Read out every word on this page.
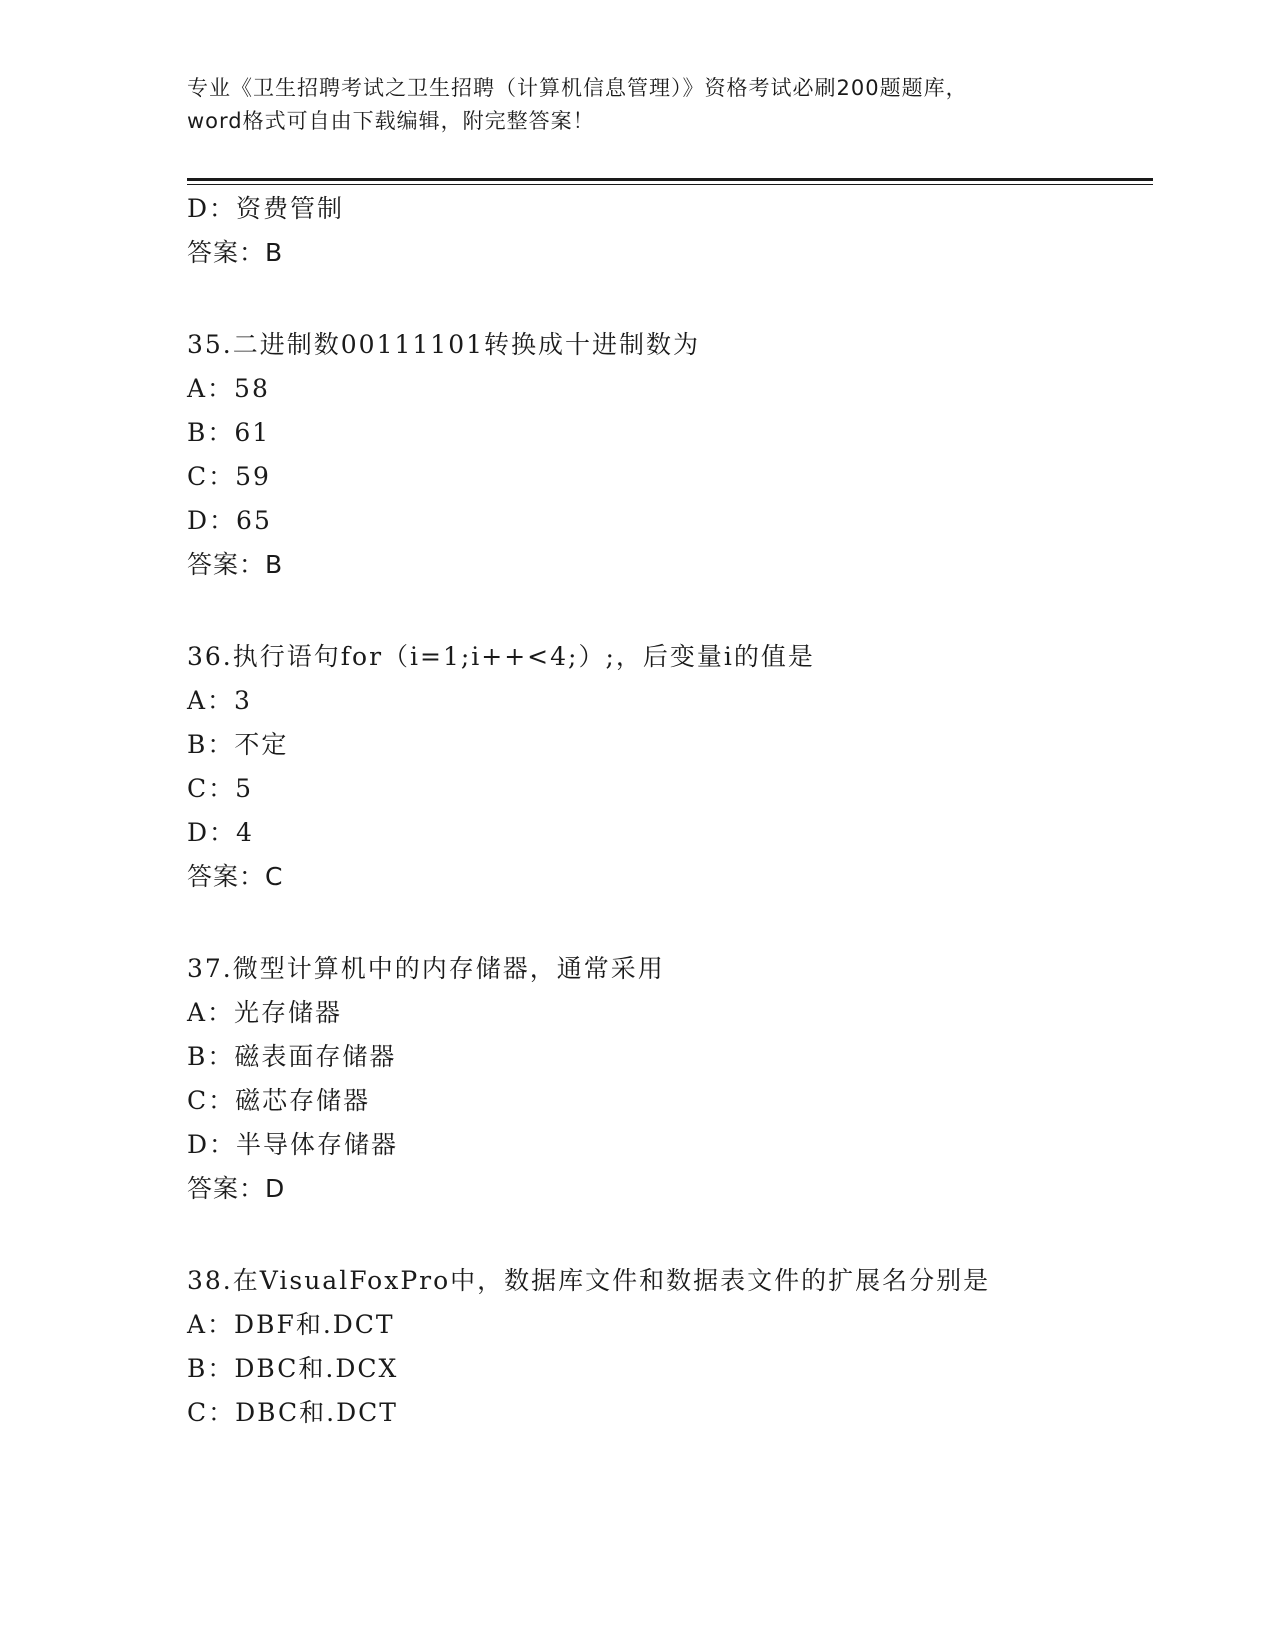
专业《卫生招聘考试之卫生招聘（计算机信息管理）》资格考试必刷200题题库，
word格式可自由下载编辑，附完整答案！
D：资费管制
答案：B
35.二进制数00111101转换成十进制数为
A：58
B：61
C：59
D：65
答案：B
36.执行语句for（i=1;i++<4;）;，后变量i的值是
A：3
B：不定
C：5
D：4
答案：C
37.微型计算机中的内存储器，通常采用
A：光存储器
B：磁表面存储器
C：磁芯存储器
D：半导体存储器
答案：D
38.在VisualFoxPro中，数据库文件和数据表文件的扩展名分别是
A：DBF和.DCT
B：DBC和.DCX
C：DBC和.DCT
